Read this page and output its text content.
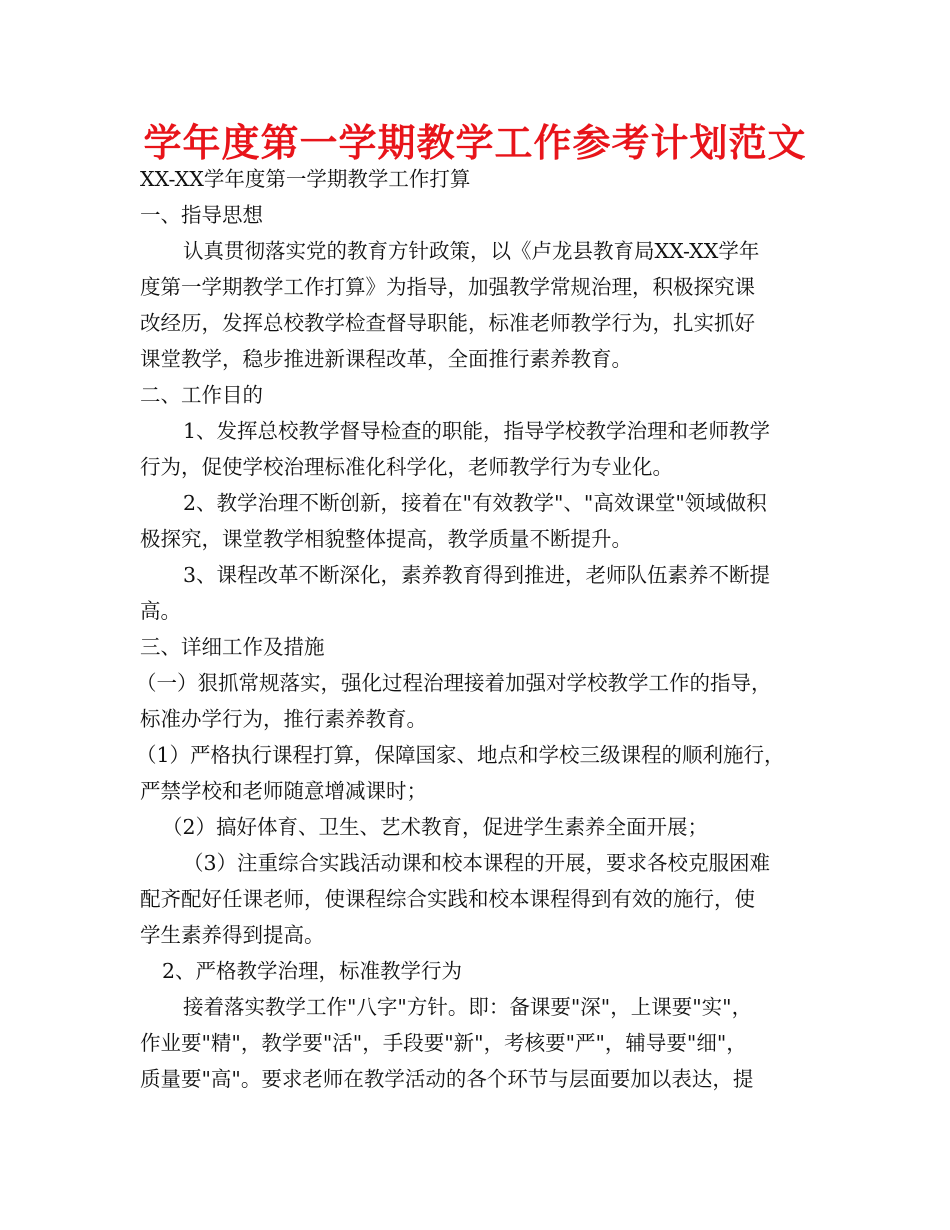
学年度第一学期教学工作参考计划范文
XX-XX学年度第一学期教学工作打算
一、指导思想
认真贯彻落实党的教育方针政策，以《卢龙县教育局XX-XX学年
度第一学期教学工作打算》为指导，加强教学常规治理，积极探究课
改经历，发挥总校教学检查督导职能，标准老师教学行为，扎实抓好
课堂教学，稳步推进新课程改革，全面推行素养教育。
二、工作目的
1、发挥总校教学督导检查的职能，指导学校教学治理和老师教学
行为，促使学校治理标准化科学化，老师教学行为专业化。
2、教学治理不断创新，接着在"有效教学"、"高效课堂"领域做积
极探究，课堂教学相貌整体提高，教学质量不断提升。
3、课程改革不断深化，素养教育得到推进，老师队伍素养不断提
高。
三、详细工作及措施
（一）狠抓常规落实，强化过程治理接着加强对学校教学工作的指导，
标准办学行为，推行素养教育。
（1）严格执行课程打算，保障国家、地点和学校三级课程的顺利施行，
严禁学校和老师随意增减课时；
（2）搞好体育、卫生、艺术教育，促进学生素养全面开展；
（3）注重综合实践活动课和校本课程的开展，要求各校克服困难
配齐配好任课老师，使课程综合实践和校本课程得到有效的施行，使
学生素养得到提高。
2、严格教学治理，标准教学行为
接着落实教学工作"八字"方针。即：备课要"深"，上课要"实"，
作业要"精"，教学要"活"，手段要"新"，考核要"严"，辅导要"细"，
质量要"高"。要求老师在教学活动的各个环节与层面要加以表达，提
